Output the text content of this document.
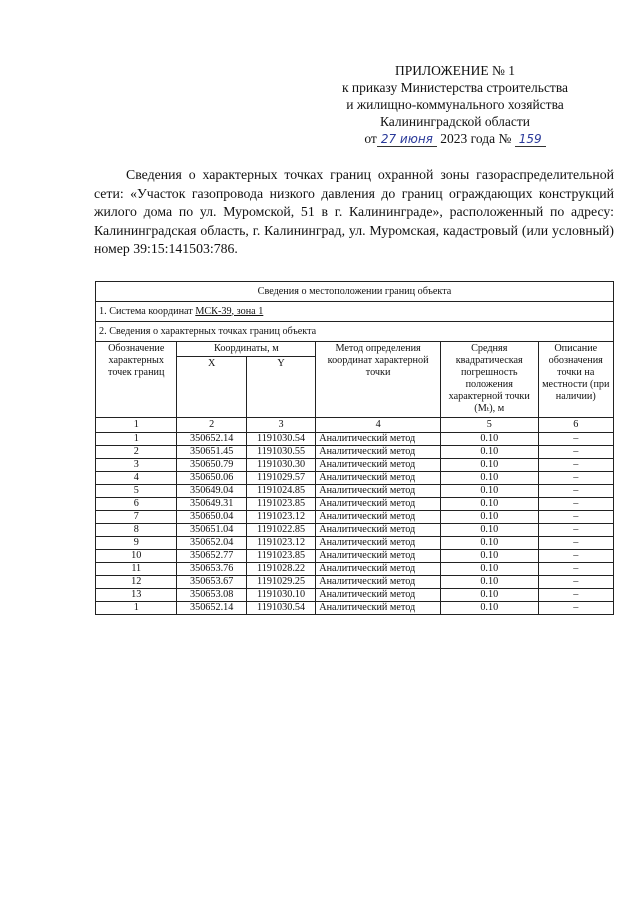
ПРИЛОЖЕНИЕ № 1
к приказу Министерства строительства
и жилищно-коммунального хозяйства
Калининградской области
от 27 июня 2023 года № 159
Сведения о характерных точках границ охранной зоны газораспределительной сети: «Участок газопровода низкого давления до границ ограждающих конструкций жилого дома по ул. Муромской, 51 в г. Калининграде», расположенный по адресу: Калининградская область, г. Калининград, ул. Муромская, кадастровый (или условный) номер 39:15:141503:786.
Сведения о местоположении границ объекта					
1. Система координат МСК-39, зона 1					
2. Сведения о характерных точках границ объекта					
Обозначение характерных точек границ	Координаты, м		Метод определения координат характерной точки	Средняя квадратическая погрешность положения характерной точки (Mₜ), м	Описание обозначения точки на местности (при наличии)
	X	Y			
1	2	3	4	5	6
1	350652.14	1191030.54	Аналитический метод	0.10	–
2	350651.45	1191030.55	Аналитический метод	0.10	–
3	350650.79	1191030.30	Аналитический метод	0.10	–
4	350650.06	1191029.57	Аналитический метод	0.10	–
5	350649.04	1191024.85	Аналитический метод	0.10	–
6	350649.31	1191023.85	Аналитический метод	0.10	–
7	350650.04	1191023.12	Аналитический метод	0.10	–
8	350651.04	1191022.85	Аналитический метод	0.10	–
9	350652.04	1191023.12	Аналитический метод	0.10	–
10	350652.77	1191023.85	Аналитический метод	0.10	–
11	350653.76	1191028.22	Аналитический метод	0.10	–
12	350653.67	1191029.25	Аналитический метод	0.10	–
13	350653.08	1191030.10	Аналитический метод	0.10	–
1	350652.14	1191030.54	Аналитический метод	0.10	–
